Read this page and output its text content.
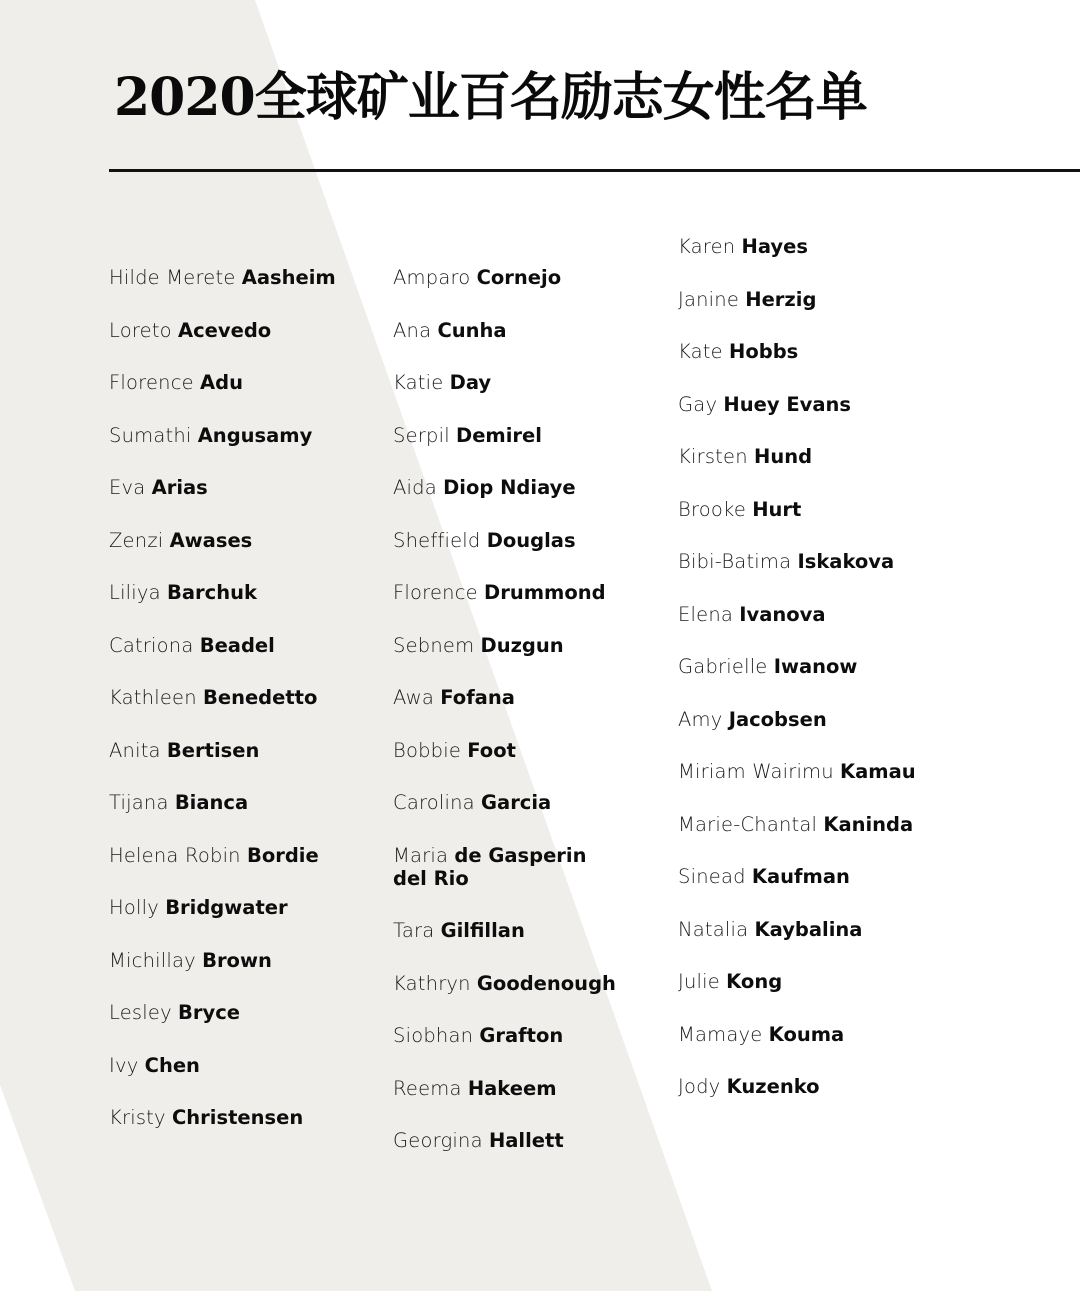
2020全球矿业百名励志女性名单
Hilde Merete Aasheim
Loreto Acevedo
Florence Adu
Sumathi Angusamy
Eva Arias
Zenzi Awases
Liliya Barchuk
Catriona Beadel
Kathleen Benedetto
Anita Bertisen
Tijana Bianca
Helena Robin Bordie
Holly Bridgwater
Michillay Brown
Lesley Bryce
Ivy Chen
Kristy Christensen
Amparo Cornejo
Ana Cunha
Katie Day
Serpil Demirel
Aida Diop Ndiaye
Sheffield Douglas
Florence Drummond
Sebnem Duzgun
Awa Fofana
Bobbie Foot
Carolina Garcia
Maria de Gasperin del Rio
Tara Gilfillan
Kathryn Goodenough
Siobhan Grafton
Reema Hakeem
Georgina Hallett
Karen Hayes
Janine Herzig
Kate Hobbs
Gay Huey Evans
Kirsten Hund
Brooke Hurt
Bibi-Batima Iskakova
Elena Ivanova
Gabrielle Iwanow
Amy Jacobsen
Miriam Wairimu Kamau
Marie-Chantal Kaninda
Sinead Kaufman
Natalia Kaybalina
Julie Kong
Mamaye Kouma
Jody Kuzenko
